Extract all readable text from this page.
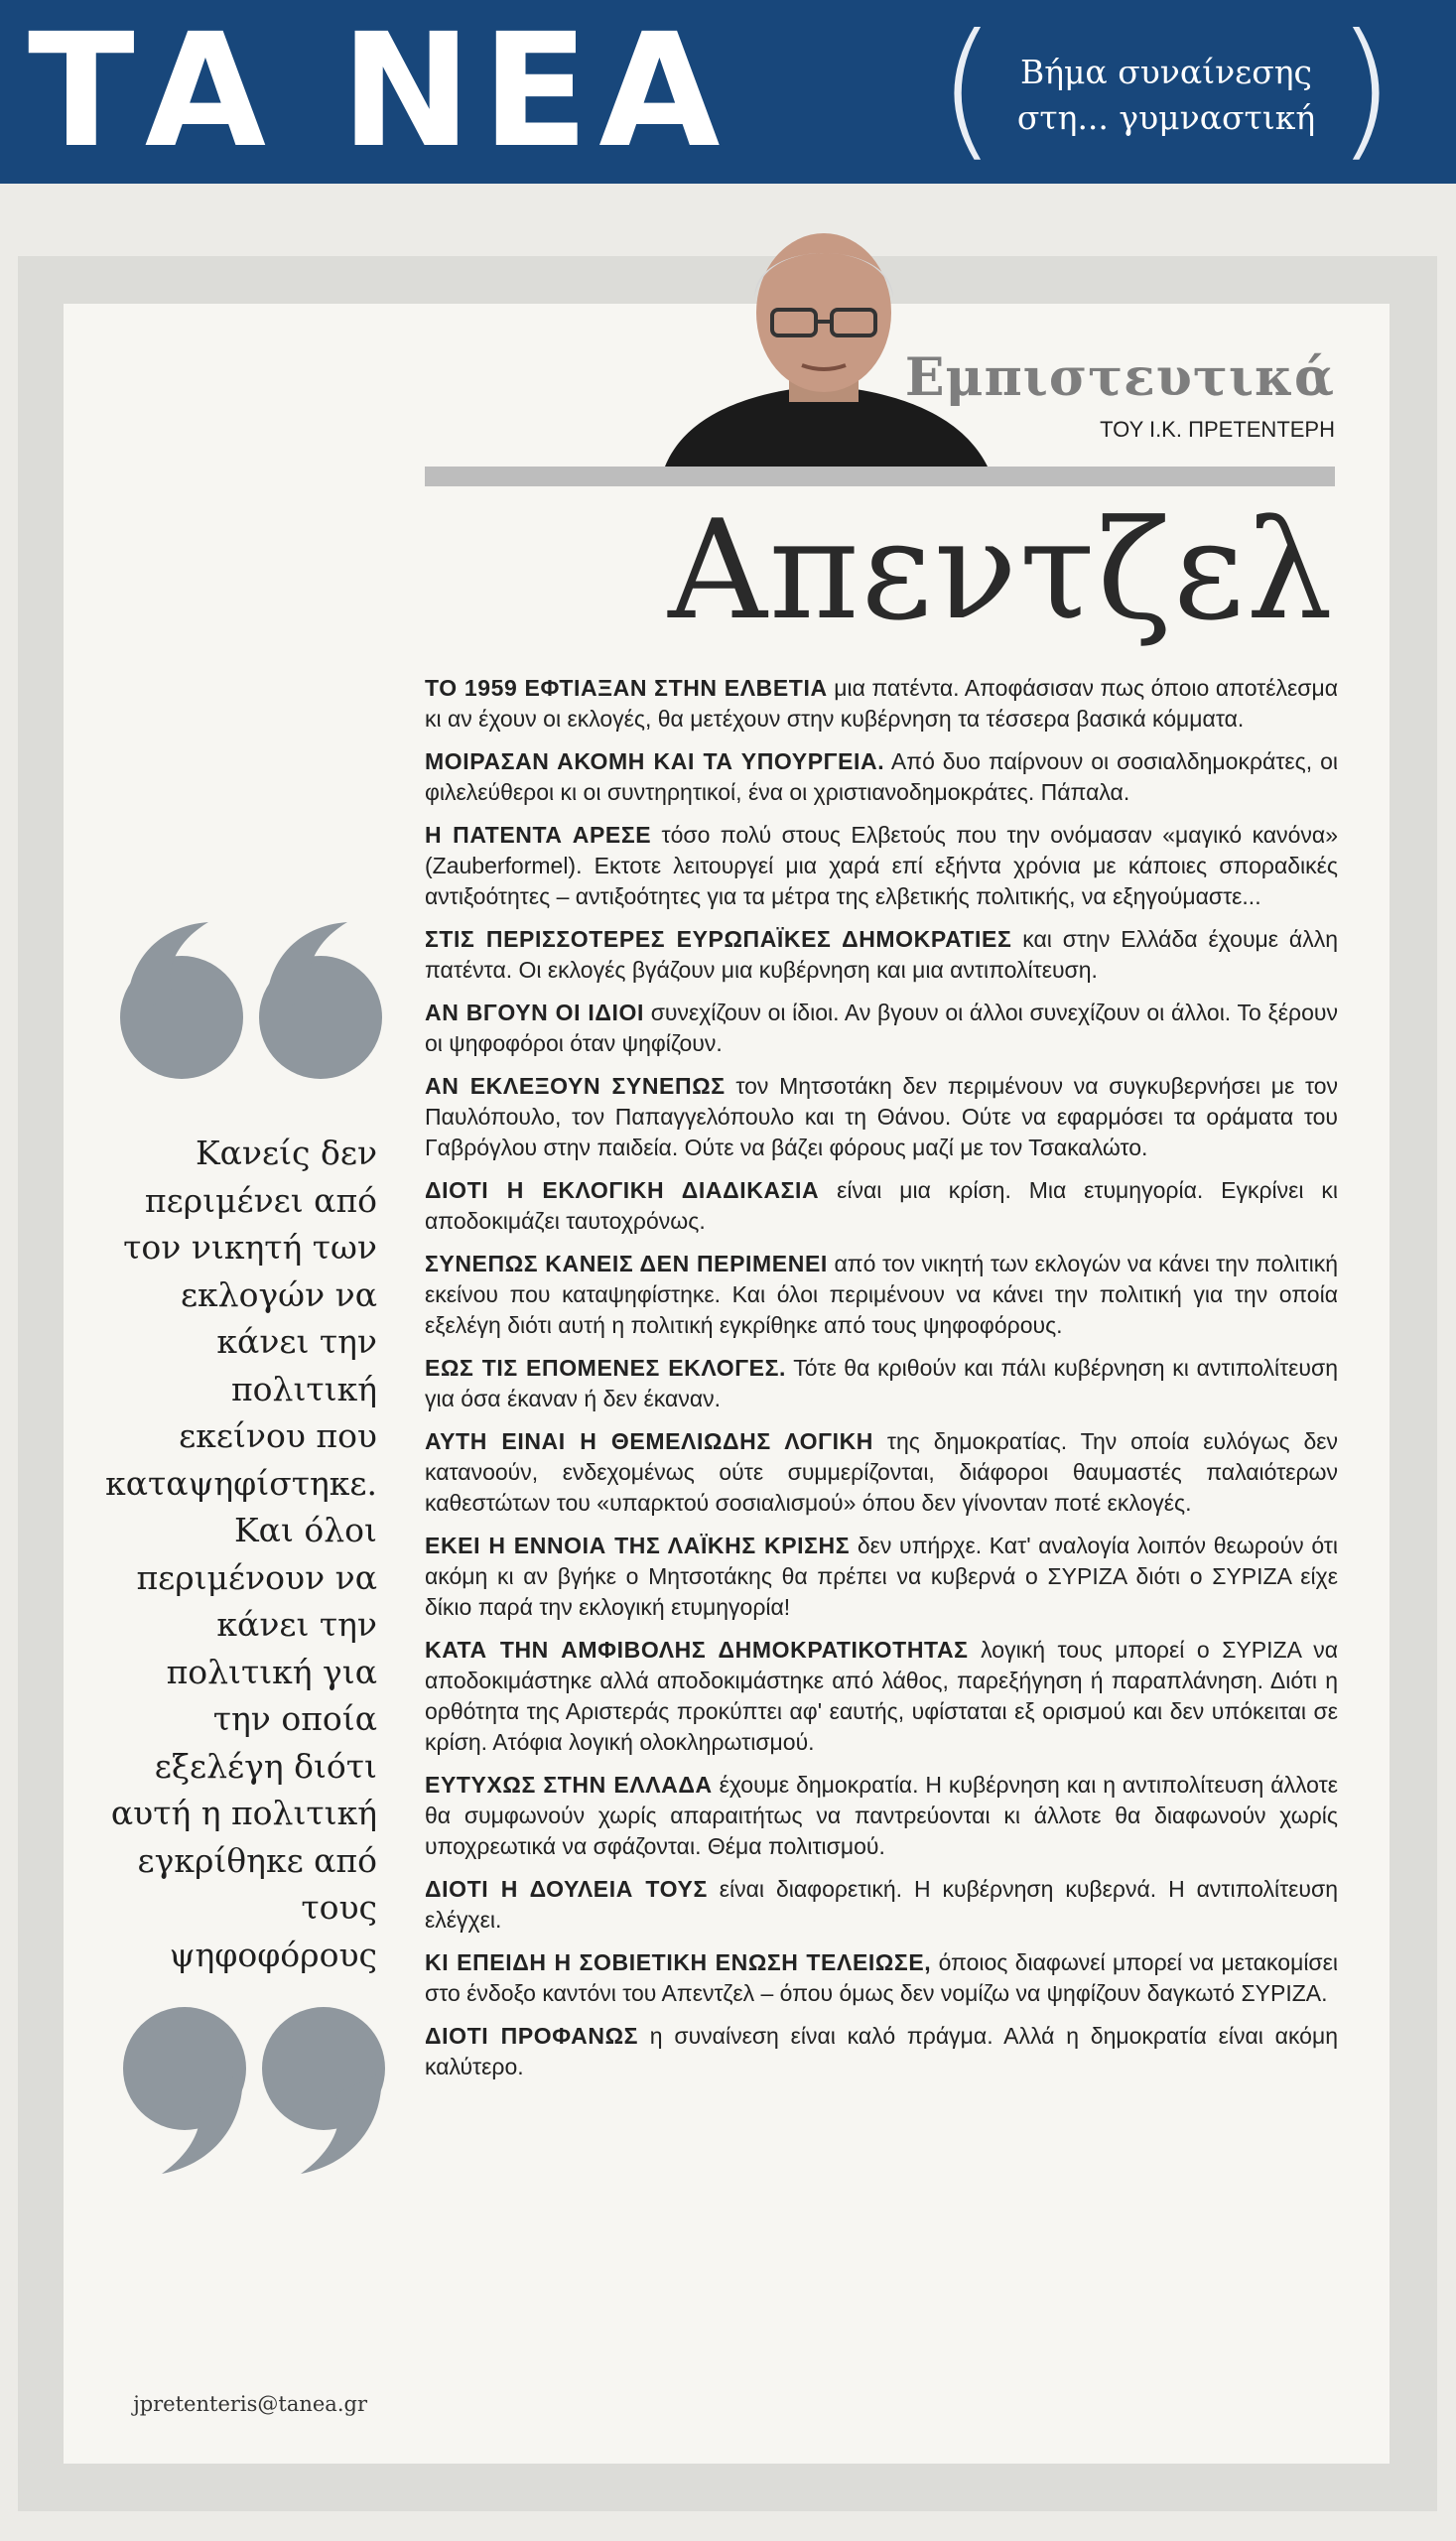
ΤΑ ΝΕΑ ( Βήμα συναίνεσης
στη... γυμναστική )
Εμπιστευτικά
ΤΟΥ Ι.Κ. ΠΡΕΤΕΝΤΕΡΗ
Απεντζελ

ΤΟ 1959 ΕΦΤΙΑΞΑΝ ΣΤΗΝ ΕΛΒΕΤΙΑ μια πατέντα. Αποφάσισαν πως όποιο αποτέλεσμα κι αν έχουν οι εκλογές, θα μετέχουν στην κυβέρνηση τα τέσσερα βασικά κόμματα.

ΜΟΙΡΑΣΑΝ ΑΚΟΜΗ ΚΑΙ ΤΑ ΥΠΟΥΡΓΕΙΑ. Από δυο παίρνουν οι σοσιαλδημοκράτες, οι φιλελεύθεροι κι οι συντηρητικοί, ένα οι χριστιανοδημοκράτες. Πάπαλα.

Η ΠΑΤΕΝΤΑ ΑΡΕΣΕ τόσο πολύ στους Ελβετούς που την ονόμασαν «μαγικό κανόνα» (Zauberformel). Εκτοτε λειτουργεί μια χαρά επί εξήντα χρόνια με κάποιες σποραδικές αντιξοότητες – αντιξοότητες για τα μέτρα της ελβετικής πολιτικής, να εξηγούμαστε...

ΣΤΙΣ ΠΕΡΙΣΣΟΤΕΡΕΣ ΕΥΡΩΠΑΪΚΕΣ ΔΗΜΟΚΡΑΤΙΕΣ και στην Ελλάδα έχουμε άλλη πατέντα. Οι εκλογές βγάζουν μια κυβέρνηση και μια αντιπολίτευση.

ΑΝ ΒΓΟΥΝ ΟΙ ΙΔΙΟΙ συνεχίζουν οι ίδιοι. Αν βγουν οι άλλοι συνεχίζουν οι άλλοι. Το ξέρουν οι ψηφοφόροι όταν ψηφίζουν.

ΑΝ ΕΚΛΕΞΟΥΝ ΣΥΝΕΠΩΣ τον Μητσοτάκη δεν περιμένουν να συγκυβερνήσει με τον Παυλόπουλο, τον Παπαγγελόπουλο και τη Θάνου. Ούτε να εφαρμόσει τα οράματα του Γαβρόγλου στην παιδεία. Ούτε να βάζει φόρους μαζί με τον Τσακαλώτο.

ΔΙΟΤΙ Η ΕΚΛΟΓΙΚΗ ΔΙΑΔΙΚΑΣΙΑ είναι μια κρίση. Μια ετυμηγορία. Εγκρίνει κι αποδοκιμάζει ταυτοχρόνως.

ΣΥΝΕΠΩΣ ΚΑΝΕΙΣ ΔΕΝ ΠΕΡΙΜΕΝΕΙ από τον νικητή των εκλογών να κάνει την πολιτική εκείνου που καταψηφίστηκε. Και όλοι περιμένουν να κάνει την πολιτική για την οποία εξελέγη διότι αυτή η πολιτική εγκρίθηκε από τους ψηφοφόρους.

ΕΩΣ ΤΙΣ ΕΠΟΜΕΝΕΣ ΕΚΛΟΓΕΣ. Τότε θα κριθούν και πάλι κυβέρνηση κι αντιπολίτευση για όσα έκαναν ή δεν έκαναν.

ΑΥΤΗ ΕΙΝΑΙ Η ΘΕΜΕΛΙΩΔΗΣ ΛΟΓΙΚΗ της δημοκρατίας. Την οποία ευλόγως δεν κατανοούν, ενδεχομένως ούτε συμμερίζονται, διάφοροι θαυμαστές παλαιότερων καθεστώτων του «υπαρκτού σοσιαλισμού» όπου δεν γίνονταν ποτέ εκλογές.

ΕΚΕΙ Η ΕΝΝΟΙΑ ΤΗΣ ΛΑΪΚΗΣ ΚΡΙΣΗΣ δεν υπήρχε. Κατ' αναλογία λοιπόν θεωρούν ότι ακόμη κι αν βγήκε ο Μητσοτάκης θα πρέπει να κυβερνά ο ΣΥΡΙΖΑ διότι ο ΣΥΡΙΖΑ είχε δίκιο παρά την εκλογική ετυμηγορία!

ΚΑΤΑ ΤΗΝ ΑΜΦΙΒΟΛΗΣ ΔΗΜΟΚΡΑΤΙΚΟΤΗΤΑΣ λογική τους μπορεί ο ΣΥΡΙΖΑ να αποδοκιμάστηκε αλλά αποδοκιμάστηκε από λάθος, παρεξήγηση ή παραπλάνηση. Διότι η ορθότητα της Αριστεράς προκύπτει αφ' εαυτής, υφίσταται εξ ορισμού και δεν υπόκειται σε κρίση. Ατόφια λογική ολοκληρωτισμού.

ΕΥΤΥΧΩΣ ΣΤΗΝ ΕΛΛΑΔΑ έχουμε δημοκρατία. Η κυβέρνηση και η αντιπολίτευση άλλοτε θα συμφωνούν χωρίς απαραιτήτως να παντρεύονται κι άλλοτε θα διαφωνούν χωρίς υποχρεωτικά να σφάζονται. Θέμα πολιτισμού.

ΔΙΟΤΙ Η ΔΟΥΛΕΙΑ ΤΟΥΣ είναι διαφορετική. Η κυβέρνηση κυβερνά. Η αντιπολίτευση ελέγχει.

ΚΙ ΕΠΕΙΔΗ Η ΣΟΒΙΕΤΙΚΗ ΕΝΩΣΗ ΤΕΛΕΙΩΣΕ, όποιος διαφωνεί μπορεί να μετακομίσει στο ένδοξο καντόνι του Απεντζελ – όπου όμως δεν νομίζω να ψηφίζουν δαγκωτό ΣΥΡΙΖΑ.

ΔΙΟΤΙ ΠΡΟΦΑΝΩΣ η συναίνεση είναι καλό πράγμα. Αλλά η δημοκρατία είναι ακόμη καλύτερο.

Κανείς δεν περιμένει από τον νικητή των εκλογών να κάνει την πολιτική εκείνου που καταψηφίστηκε. Και όλοι περιμένουν να κάνει την πολιτική για την οποία εξελέγη διότι αυτή η πολιτική εγκρίθηκε από τους ψηφοφόρους
jpretenteris@tanea.gr
